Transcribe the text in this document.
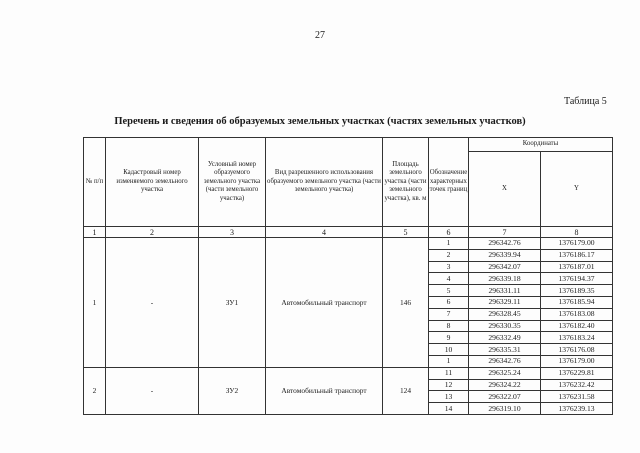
27
Таблица 5
Перечень и сведения об образуемых земельных участках (частях земельных участков)
№ п/п	Кадастровый номер изменяемого земельного участка	Условный номер образуемого земельного участка (части земельного участка)	Вид разрешенного использования образуемого земельного участка (части земельного участка)	Площадь земельного участка (части земельного участка), кв. м	Обозначение характерных точек границ	Координаты	
						X	Y
1	2	3	4	5	6	7	8
1	-	ЗУ1	Автомобильный транспорт	146	1	296342.76	1376179.00
					2	296339.94	1376186.17
					3	296342.07	1376187.01
					4	296339.18	1376194.37
					5	296331.11	1376189.35
					6	296329.11	1376185.94
					7	296328.45	1376183.08
					8	296330.35	1376182.40
					9	296332.49	1376183.24
					10	296335.31	1376176.08
					1	296342.76	1376179.00
2	-	ЗУ2	Автомобильный транспорт	124	11	296325.24	1376229.81
					12	296324.22	1376232.42
					13	296322.07	1376231.58
					14	296319.10	1376239.13
